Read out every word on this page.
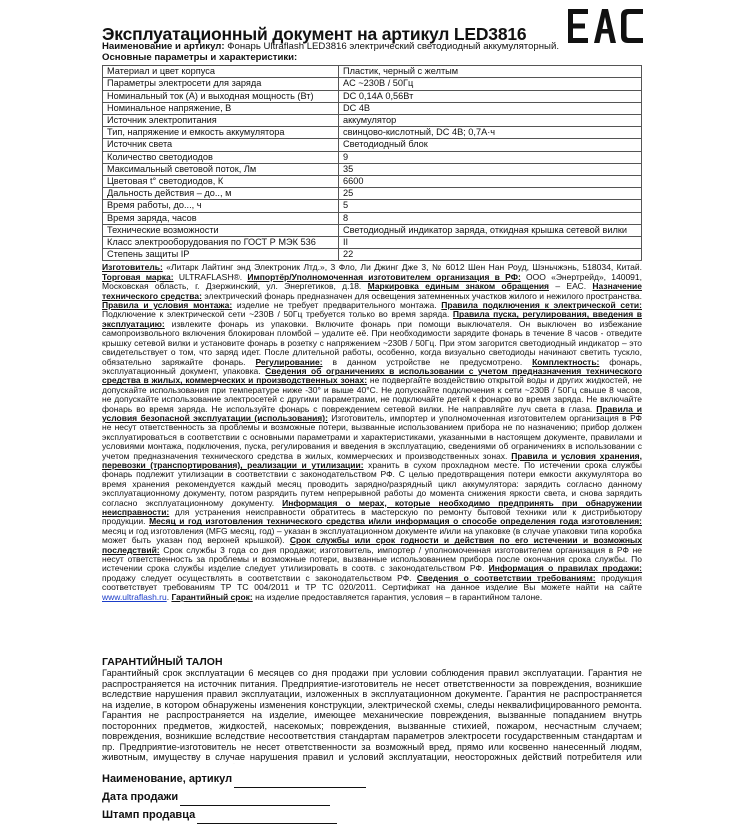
Эксплуатационный документ на артикул LED3816
Наименование и артикул: Фонарь Ultraflash LED3816 электрический светодиодный аккумуляторный.
Основные параметры и характеристики:
Материал и цвет корпуса	Пластик, черный с желтым
Параметры электросети для заряда	AC ~230В / 50Гц
Номинальный ток (А) и выходная мощность (Вт)	DC 0,14А 0,56Вт
Номинальное напряжение, В	DC 4В
Источник электропитания	аккумулятор
Тип, напряжение и емкость аккумулятора	свинцово-кислотный, DC 4В; 0,7А·ч
Источник света	Светодиодный блок
Количество светодиодов	9
Максимальный световой поток, Лм	35
Цветовая t° светодиодов, К	6600
Дальность действия – до.., м	25
Время работы, до..., ч	5
Время заряда, часов	8
Технические возможности	Светодиодный индикатор заряда, откидная крышка сетевой вилки
Класс электрооборудования по ГОСТ Р МЭК 536	II
Степень защиты IP	22
Изготовитель: «Литарк Лайтинг энд Электроник Лтд.», 3 Фло, Ли Джинг Дже 3, № 6012 Шен Нан Роуд, Шэньчжэнь, 518034, Китай. Торговая марка: ULTRAFLASH®. Импортёр/Уполномоченная изготовителем организация в РФ: ООО «Энертрейд», 140091, Московская область, г. Дзержинский, ул. Энергетиков, д.18. Маркировка единым знаком обращения – ЕАС. Назначение технического средства: электрический фонарь предназначен для освещения затемненных участков жилого и нежилого пространства. Правила и условия монтажа: изделие не требует предварительного монтажа. Правила подключения к электрической сети: Подключение к электрической сети ~230В / 50Гц требуется только во время заряда. Правила пуска, регулирования, введения в эксплуатацию: извлеките фонарь из упаковки. Включите фонарь при помощи выключателя. Он выключен во избежание самопроизвольного включения блокирован пломбой – удалите её. При необходимости зарядите фонарь в течение 8 часов - отведите крышку сетевой вилки и установите фонарь в розетку с напряжением ~230В / 50Гц. При этом загорится светодиодный индикатор – это свидетельствует о том, что заряд идет. После длительной работы, особенно, когда визуально светодиоды начинают светить тускло, обязательно заряжайте фонарь. Регулирование: в данном устройстве не предусмотрено. Комплектность: фонарь, эксплуатационный документ, упаковка. Сведения об ограничениях в использовании с учетом предназначения технического средства в жилых, коммерческих и производственных зонах: не подвергайте воздействию открытой воды и других жидкостей, не допускайте использования при температуре ниже -30° и выше 40°С. Не допускайте подключения к сети ~230В / 50Гц свыше 8 часов, не допускайте использование электросетей с другими параметрами, не подключайте детей к фонарю во время заряда. Не включайте фонарь во время заряда. Не используйте фонарь с повреждением сетевой вилки. Не направляйте луч света в глаза. Правила и условия безопасной эксплуатации (использования): Изготовитель, импортер и уполномоченная изготовителем организация в РФ не несут ответственность за проблемы и возможные потери, вызванные использованием прибора не по назначению; прибор должен эксплуатироваться в соответствии с основными параметрами и характеристиками, указанными в настоящем документе, правилами и условиями монтажа, подключения, пуска, регулирования и введения в эксплуатацию, сведениями об ограничениях в использовании с учетом предназначения технического средства в жилых, коммерческих и производственных зонах. Правила и условия хранения, перевозки (транспортирования), реализации и утилизации: хранить в сухом прохладном месте. По истечении срока службы фонарь подлежит утилизации в соответствии с законодательством РФ. С целью предотвращения потери емкости аккумулятора во время хранения рекомендуется каждый месяц проводить зарядно/разрядный цикл аккумулятора: зарядить согласно данному эксплуатационному документу, потом разрядить путем непрерывной работы до момента снижения яркости света, и снова зарядить согласно эксплуатационному документу. Информация о мерах, которые необходимо предпринять при обнаружении неисправности: для устранения неисправности обратитесь в мастерскую по ремонту бытовой техники или к дистрибьютору продукции. Месяц и год изготовления технического средства и/или информация о способе определения года изготовления: месяц и год изготовления (MFG месяц, год) – указан в эксплуатационном документе и/или на упаковке (в случае упаковки типа коробка может быть указан под верхней крышкой). Срок службы или срок годности и действия по его истечении и возможных последствий: Срок службы 3 года со дня продажи; изготовитель, импортер / уполномоченная изготовителем организация в РФ не несут ответственность за проблемы и возможные потери, вызванные использованием прибора после окончания срока службы. По истечении срока службы изделие следует утилизировать в соотв. с законодательством РФ. Информация о правилах продажи: продажу следует осуществлять в соответствии с законодательством РФ. Сведения о соответствии требованиям: продукция соответствует требованиям ТР ТС 004/2011 и ТР ТС 020/2011. Сертификат на данное изделие Вы можете найти на сайте www.ultraflash.ru. Гарантийный срок: на изделие предоставляется гарантия, условия – в гарантийном талоне.
ГАРАНТИЙНЫЙ ТАЛОН
Гарантийный срок эксплуатации 6 месяцев со дня продажи при условии соблюдения правил эксплуатации. Гарантия не распространяется на источник питания. Предприятие-изготовитель не несет ответственности за повреждения, возникшие вследствие нарушения правил эксплуатации, изложенных в эксплуатационном документе. Гарантия не распространяется на изделие, в котором обнаружены изменения конструкции, электрической схемы, следы неквалифицированного ремонта. Гарантия не распространяется на изделие, имеющее механические повреждения, вызванные попаданием внутрь посторонних предметов, жидкостей, насекомых; повреждения, вызванные стихией, пожаром, несчастным случаем; повреждения, возникшие вследствие несоответствия стандартам параметров электросети государственным стандартам и пр. Предприятие-изготовитель не несет ответственности за возможный вред, прямо или косвенно нанесенный людям, животным, имуществу в случае нарушения правил и условий эксплуатации, неосторожных действий потребителя или
Наименование, артикул
Дата продажи
Штамп продавца
